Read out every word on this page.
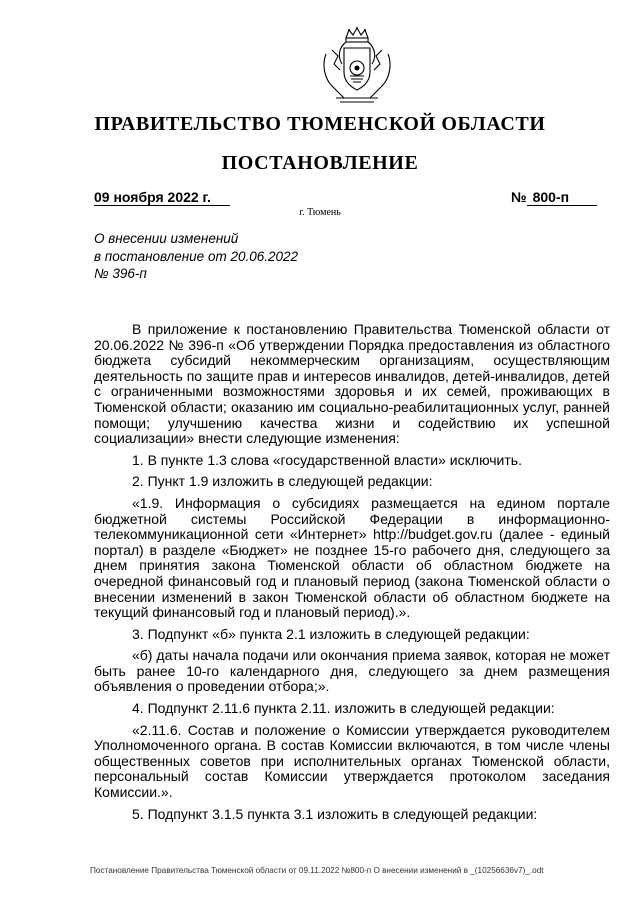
ПРАВИТЕЛЬСТВО ТЮМЕНСКОЙ ОБЛАСТИ
ПОСТАНОВЛЕНИЕ
09 ноября 2022 г.	№ 800-п
г. Тюмень
О внесении изменений
в постановление от 20.06.2022
№ 396-п

В приложение к постановлению Правительства Тюменской области от 20.06.2022 № 396-п «Об утверждении Порядка предоставления из областного бюджета субсидий некоммерческим организациям, осуществляющим деятельность по защите прав и интересов инвалидов, детей-инвалидов, детей с ограниченными возможностями здоровья и их семей, проживающих в Тюменской области; оказанию им социально-реабилитационных услуг, ранней помощи; улучшению качества жизни и содействию их успешной социализации» внести следующие изменения:

1. В пункте 1.3 слова «государственной власти» исключить.

2. Пункт 1.9 изложить в следующей редакции:

«1.9. Информация о субсидиях размещается на едином портале бюджетной системы Российской Федерации в информационно-телекоммуникационной сети «Интернет» http://budget.gov.ru (далее - единый портал) в разделе «Бюджет» не позднее 15-го рабочего дня, следующего за днем принятия закона Тюменской области об областном бюджете на очередной финансовый год и плановый период (закона Тюменской области о внесении изменений в закон Тюменской области об областном бюджете на текущий финансовый год и плановый период).».

3. Подпункт «б» пункта 2.1 изложить в следующей редакции:

«б) даты начала подачи или окончания приема заявок, которая не может быть ранее 10-го календарного дня, следующего за днем размещения объявления о проведении отбора;».

4. Подпункт 2.11.6 пункта 2.11. изложить в следующей редакции:

«2.11.6. Состав и положение о Комиссии утверждается руководителем Уполномоченного органа. В состав Комиссии включаются, в том числе члены общественных советов при исполнительных органах Тюменской области, персональный состав Комиссии утверждается протоколом заседания Комиссии.».

5. Подпункт 3.1.5 пункта 3.1 изложить в следующей редакции:

Постановление Правительства Тюменской области от 09.11.2022 №800-п О внесении изменений в _(10256636v7)_.odt
